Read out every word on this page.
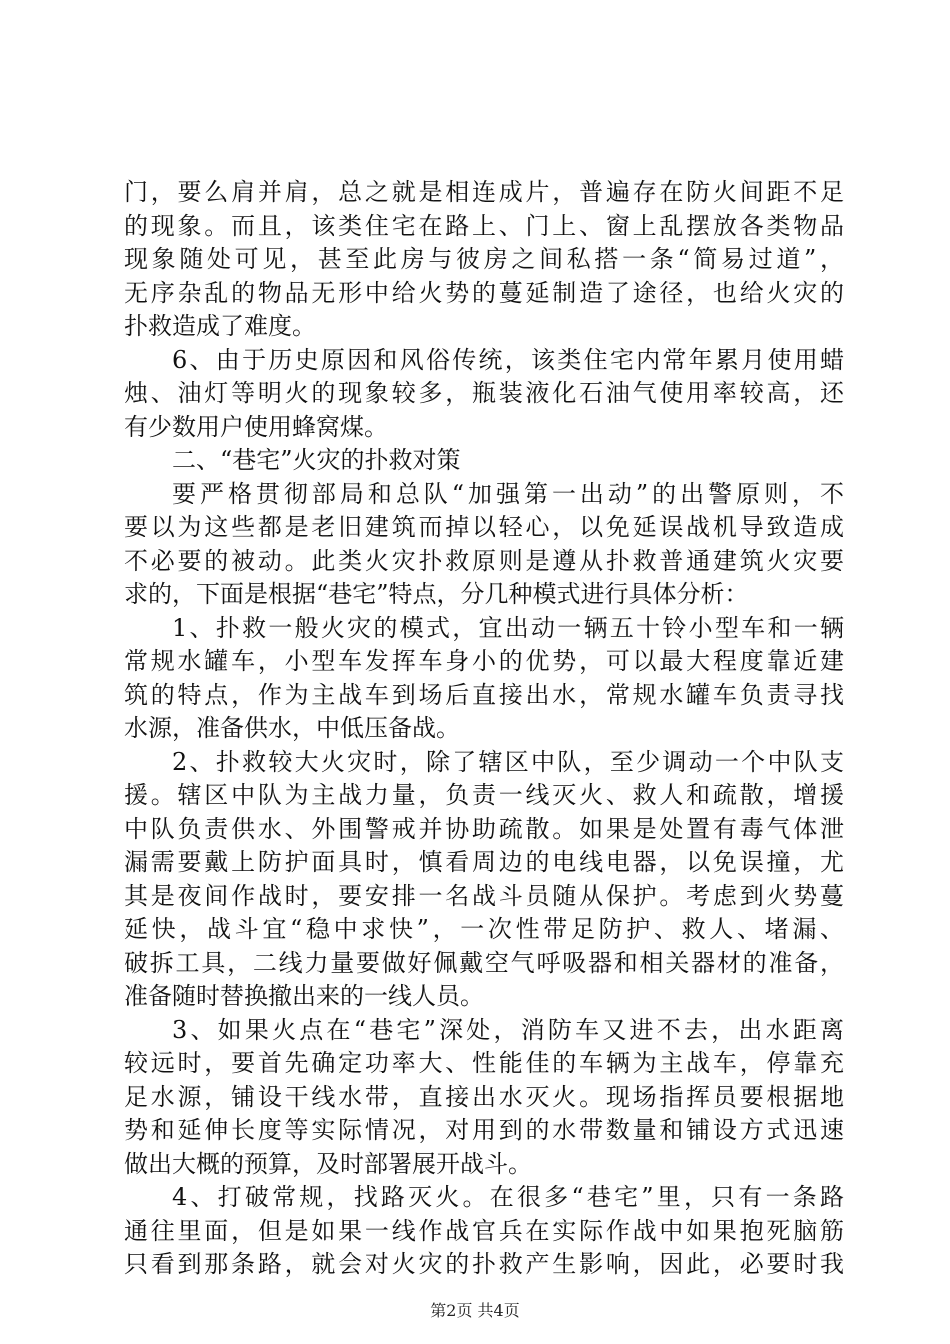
门，要么肩并肩，总之就是相连成片，普遍存在防火间距不足
的现象。而且，该类住宅在路上、门上、窗上乱摆放各类物品
现象随处可见，甚至此房与彼房之间私搭一条“简易过道”，
无序杂乱的物品无形中给火势的蔓延制造了途径，也给火灾的
扑救造成了难度。
6、由于历史原因和风俗传统，该类住宅内常年累月使用蜡
烛、油灯等明火的现象较多，瓶装液化石油气使用率较高，还
有少数用户使用蜂窝煤。
二、“巷宅”火灾的扑救对策
要严格贯彻部局和总队“加强第一出动”的出警原则，不
要以为这些都是老旧建筑而掉以轻心，以免延误战机导致造成
不必要的被动。此类火灾扑救原则是遵从扑救普通建筑火灾要
求的，下面是根据“巷宅”特点，分几种模式进行具体分析：
1、扑救一般火灾的模式，宜出动一辆五十铃小型车和一辆
常规水罐车，小型车发挥车身小的优势，可以最大程度靠近建
筑的特点，作为主战车到场后直接出水，常规水罐车负责寻找
水源，准备供水，中低压备战。
2、扑救较大火灾时，除了辖区中队，至少调动一个中队支
援。辖区中队为主战力量，负责一线灭火、救人和疏散，增援
中队负责供水、外围警戒并协助疏散。如果是处置有毒气体泄
漏需要戴上防护面具时，慎看周边的电线电器，以免误撞，尤
其是夜间作战时，要安排一名战斗员随从保护。考虑到火势蔓
延快，战斗宜“稳中求快”，一次性带足防护、救人、堵漏、
破拆工具，二线力量要做好佩戴空气呼吸器和相关器材的准备，
准备随时替换撤出来的一线人员。
3、如果火点在“巷宅”深处，消防车又进不去，出水距离
较远时，要首先确定功率大、性能佳的车辆为主战车，停靠充
足水源，铺设干线水带，直接出水灭火。现场指挥员要根据地
势和延伸长度等实际情况，对用到的水带数量和铺设方式迅速
做出大概的预算，及时部署展开战斗。
4、打破常规，找路灭火。在很多“巷宅”里，只有一条路
通往里面，但是如果一线作战官兵在实际作战中如果抱死脑筋
只看到那条路，就会对火灾的扑救产生影响，因此，必要时我
第2页 共4页
